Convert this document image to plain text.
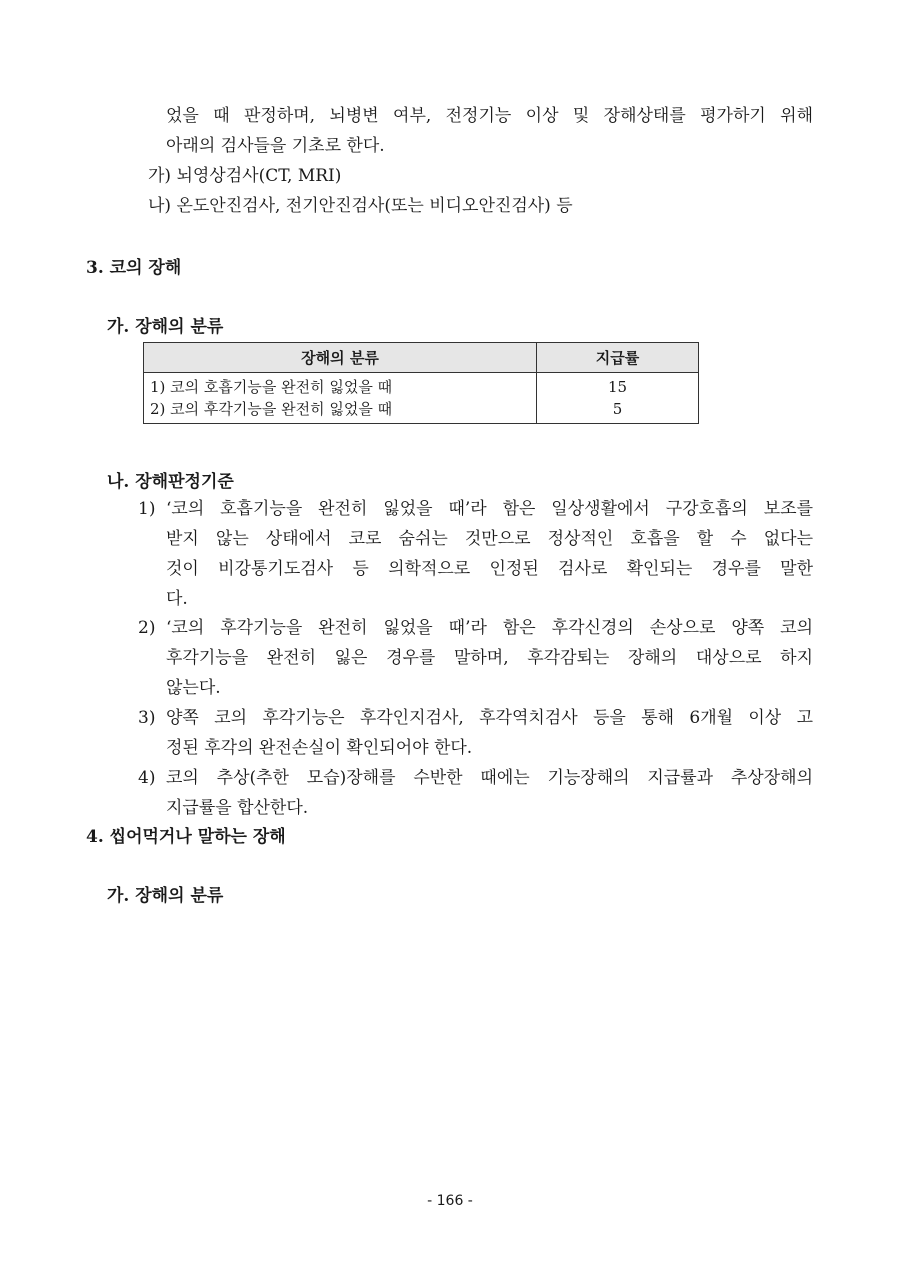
었을 때 판정하며, 뇌병변 여부, 전정기능 이상 및 장해상태를 평가하기 위해
아래의 검사들을 기초로 한다.
가) 뇌영상검사(CT, MRI)
나) 온도안진검사, 전기안진검사(또는 비디오안진검사) 등
3. 코의 장해
가. 장해의 분류
장해의 분류	지급률
1) 코의 호흡기능을 완전히 잃었을 때	15
2) 코의 후각기능을 완전히 잃었을 때	5
나. 장해판정기준
1) ‘코의 호흡기능을 완전히 잃었을 때’라 함은 일상생활에서 구강호흡의 보조를
받지 않는 상태에서 코로 숨쉬는 것만으로 정상적인 호흡을 할 수 없다는
것이 비강통기도검사 등 의학적으로 인정된 검사로 확인되는 경우를 말한
다.
2) ‘코의 후각기능을 완전히 잃었을 때’라 함은 후각신경의 손상으로 양쪽 코의
후각기능을 완전히 잃은 경우를 말하며, 후각감퇴는 장해의 대상으로 하지
않는다.
3) 양쪽 코의 후각기능은 후각인지검사, 후각역치검사 등을 통해 6개월 이상 고
정된 후각의 완전손실이 확인되어야 한다.
4) 코의 추상(추한 모습)장해를 수반한 때에는 기능장해의 지급률과 추상장해의
지급률을 합산한다.
4. 씹어먹거나 말하는 장해
가. 장해의 분류
- 166 -
